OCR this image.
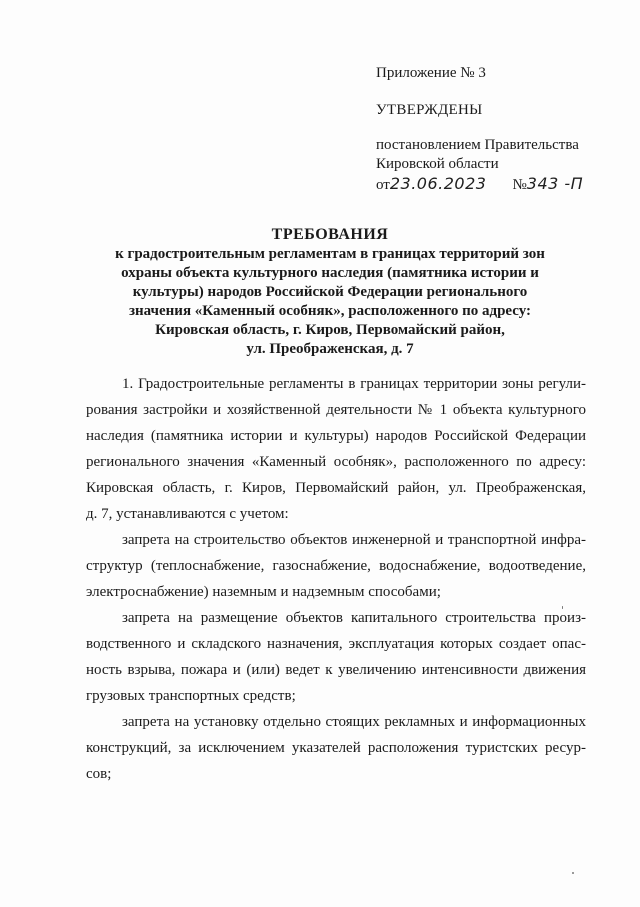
Приложение № 3

УТВЕРЖДЕНЫ

постановлением Правительства

Кировской области

от23.06.2023 №343 -П

ТРЕБОВАНИЯ

к градостроительным регламентам в границах территорий зон

охраны объекта культурного наследия (памятника истории и

культуры) народов Российской Федерации регионального

значения «Каменный особняк», расположенного по адресу:

Кировская область, г. Киров, Первомайский район,

ул. Преображенская, д. 7

1. Градостроительные регламенты в границах территории зоны регули-

рования застройки и хозяйственной деятельности № 1 объекта культурного

наследия (памятника истории и культуры) народов Российской Федерации

регионального значения «Каменный особняк», расположенного по адресу:

Кировская область, г. Киров, Первомайский район, ул. Преображенская,

д. 7, устанавливаются с учетом:

запрета на строительство объектов инженерной и транспортной инфра-

структур (теплоснабжение, газоснабжение, водоснабжение, водоотведение,

электроснабжение) наземным и надземным способами;

запрета на размещение объектов капитального строительства произ-

водственного и складского назначения, эксплуатация которых создает опас-

ность взрыва, пожара и (или) ведет к увеличению интенсивности движения

грузовых транспортных средств;

запрета на установку отдельно стоящих рекламных и информационных

конструкций, за исключением указателей расположения туристских ресур-

сов;
